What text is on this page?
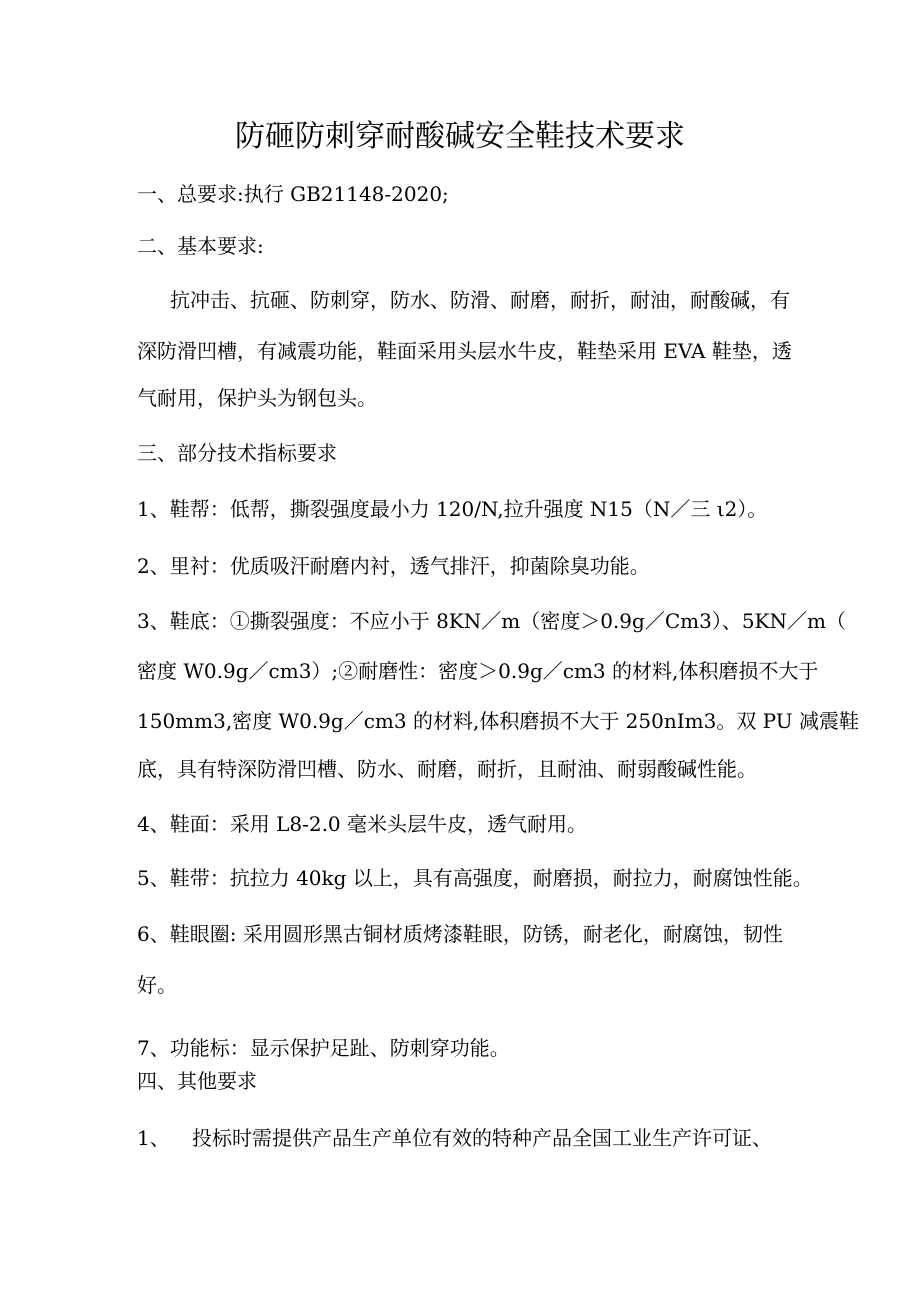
防砸防刺穿耐酸碱安全鞋技术要求
一、总要求:执行 GB21148-2020;
二、基本要求:
抗冲击、抗砸、防刺穿，防水、防滑、耐磨，耐折，耐油，耐酸碱，有
深防滑凹槽，有减震功能，鞋面采用头层水牛皮，鞋垫采用 EVA 鞋垫，透
气耐用，保护头为钢包头。
三、部分技术指标要求
1、鞋帮：低帮，撕裂强度最小力 120/N,拉升强度 N15（N／三 ι2）。
2、里衬：优质吸汗耐磨内衬，透气排汗，抑菌除臭功能。
3、鞋底：①撕裂强度：不应小于 8KN／m（密度＞0.9g／Cm3）、5KN／m（
密度 W0.9g／cm3）;②耐磨性：密度＞0.9g／cm3 的材料,体积磨损不大于
150mm3,密度 W0.9g／cm3 的材料,体积磨损不大于 250nIm3。双 PU 减震鞋
底，具有特深防滑凹槽、防水、耐磨，耐折，且耐油、耐弱酸碱性能。
4、鞋面：采用 L8-2.0 毫米头层牛皮，透气耐用。
5、鞋带：抗拉力 40kg 以上，具有高强度，耐磨损，耐拉力，耐腐蚀性能。
6、鞋眼圈: 采用圆形黑古铜材质烤漆鞋眼，防锈，耐老化，耐腐蚀，韧性
好。
7、功能标：显示保护足趾、防刺穿功能。
四、其他要求
1、 投标时需提供产品生产单位有效的特种产品全国工业生产许可证、
